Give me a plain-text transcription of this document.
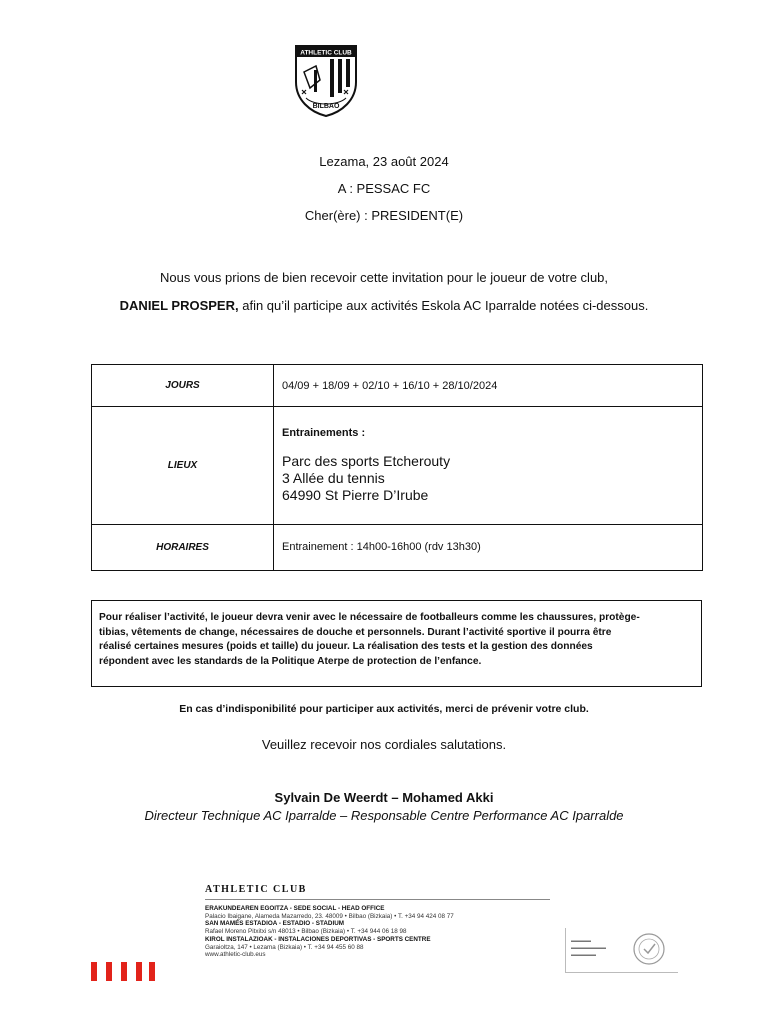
ATHLETIC CLUB
BILBAO
Lezama, 23 août 2024
A : PESSAC FC
Cher(ère) : PRESIDENT(E)
Nous vous prions de bien recevoir cette invitation pour le joueur de votre club,
DANIEL PROSPER, afin qu’il participe aux activités Eskola AC Iparralde notées ci-dessous.
JOURS	04/09 + 18/09 + 02/10 + 16/10 + 28/10/2024
LIEUX	Entrainements :
Parc des sports Etcherouty
3 Allée du tennis
64990 St Pierre D’Irube

HORAIRES	Entrainement : 14h00-16h00 (rdv 13h30)
Pour réaliser l’activité, le joueur devra venir avec le nécessaire de footballeurs comme les chaussures, protège-
tibias, vêtements de change, nécessaires de douche et personnels. Durant l’activité sportive il pourra être
réalisé certaines mesures (poids et taille) du joueur. La réalisation des tests et la gestion des données
répondent avec les standards de la Politique Aterpe de protection de l’enfance.
En cas d’indisponibilité pour participer aux activités, merci de prévenir votre club.
Veuillez recevoir nos cordiales salutations.
Sylvain De Weerdt – Mohamed Akki
Directeur Technique AC Iparralde – Responsable Centre Performance AC Iparralde
ATHLETIC CLUB
ERAKUNDEAREN EGOITZA - SEDE SOCIAL - HEAD OFFICE
Palacio Ibaigane, Alameda Mazarredo, 23. 48009 • Bilbao (Bizkaia) • T. +34 94 424 08 77
SAN MAMÉS ESTADIOA - ESTADIO - STADIUM
Rafael Moreno Pitxitxi s/n 48013 • Bilbao (Bizkaia) • T. +34 944 06 18 98
KIROL INSTALAZIOAK - INSTALACIONES DEPORTIVAS - SPORTS CENTRE
Garaioltza, 147 • Lezama (Bizkaia) • T. +34 94 455 60 88
www.athletic-club.eus
▬▬▬▬
▬▬▬▬▬▬▬
▬▬▬▬▬
